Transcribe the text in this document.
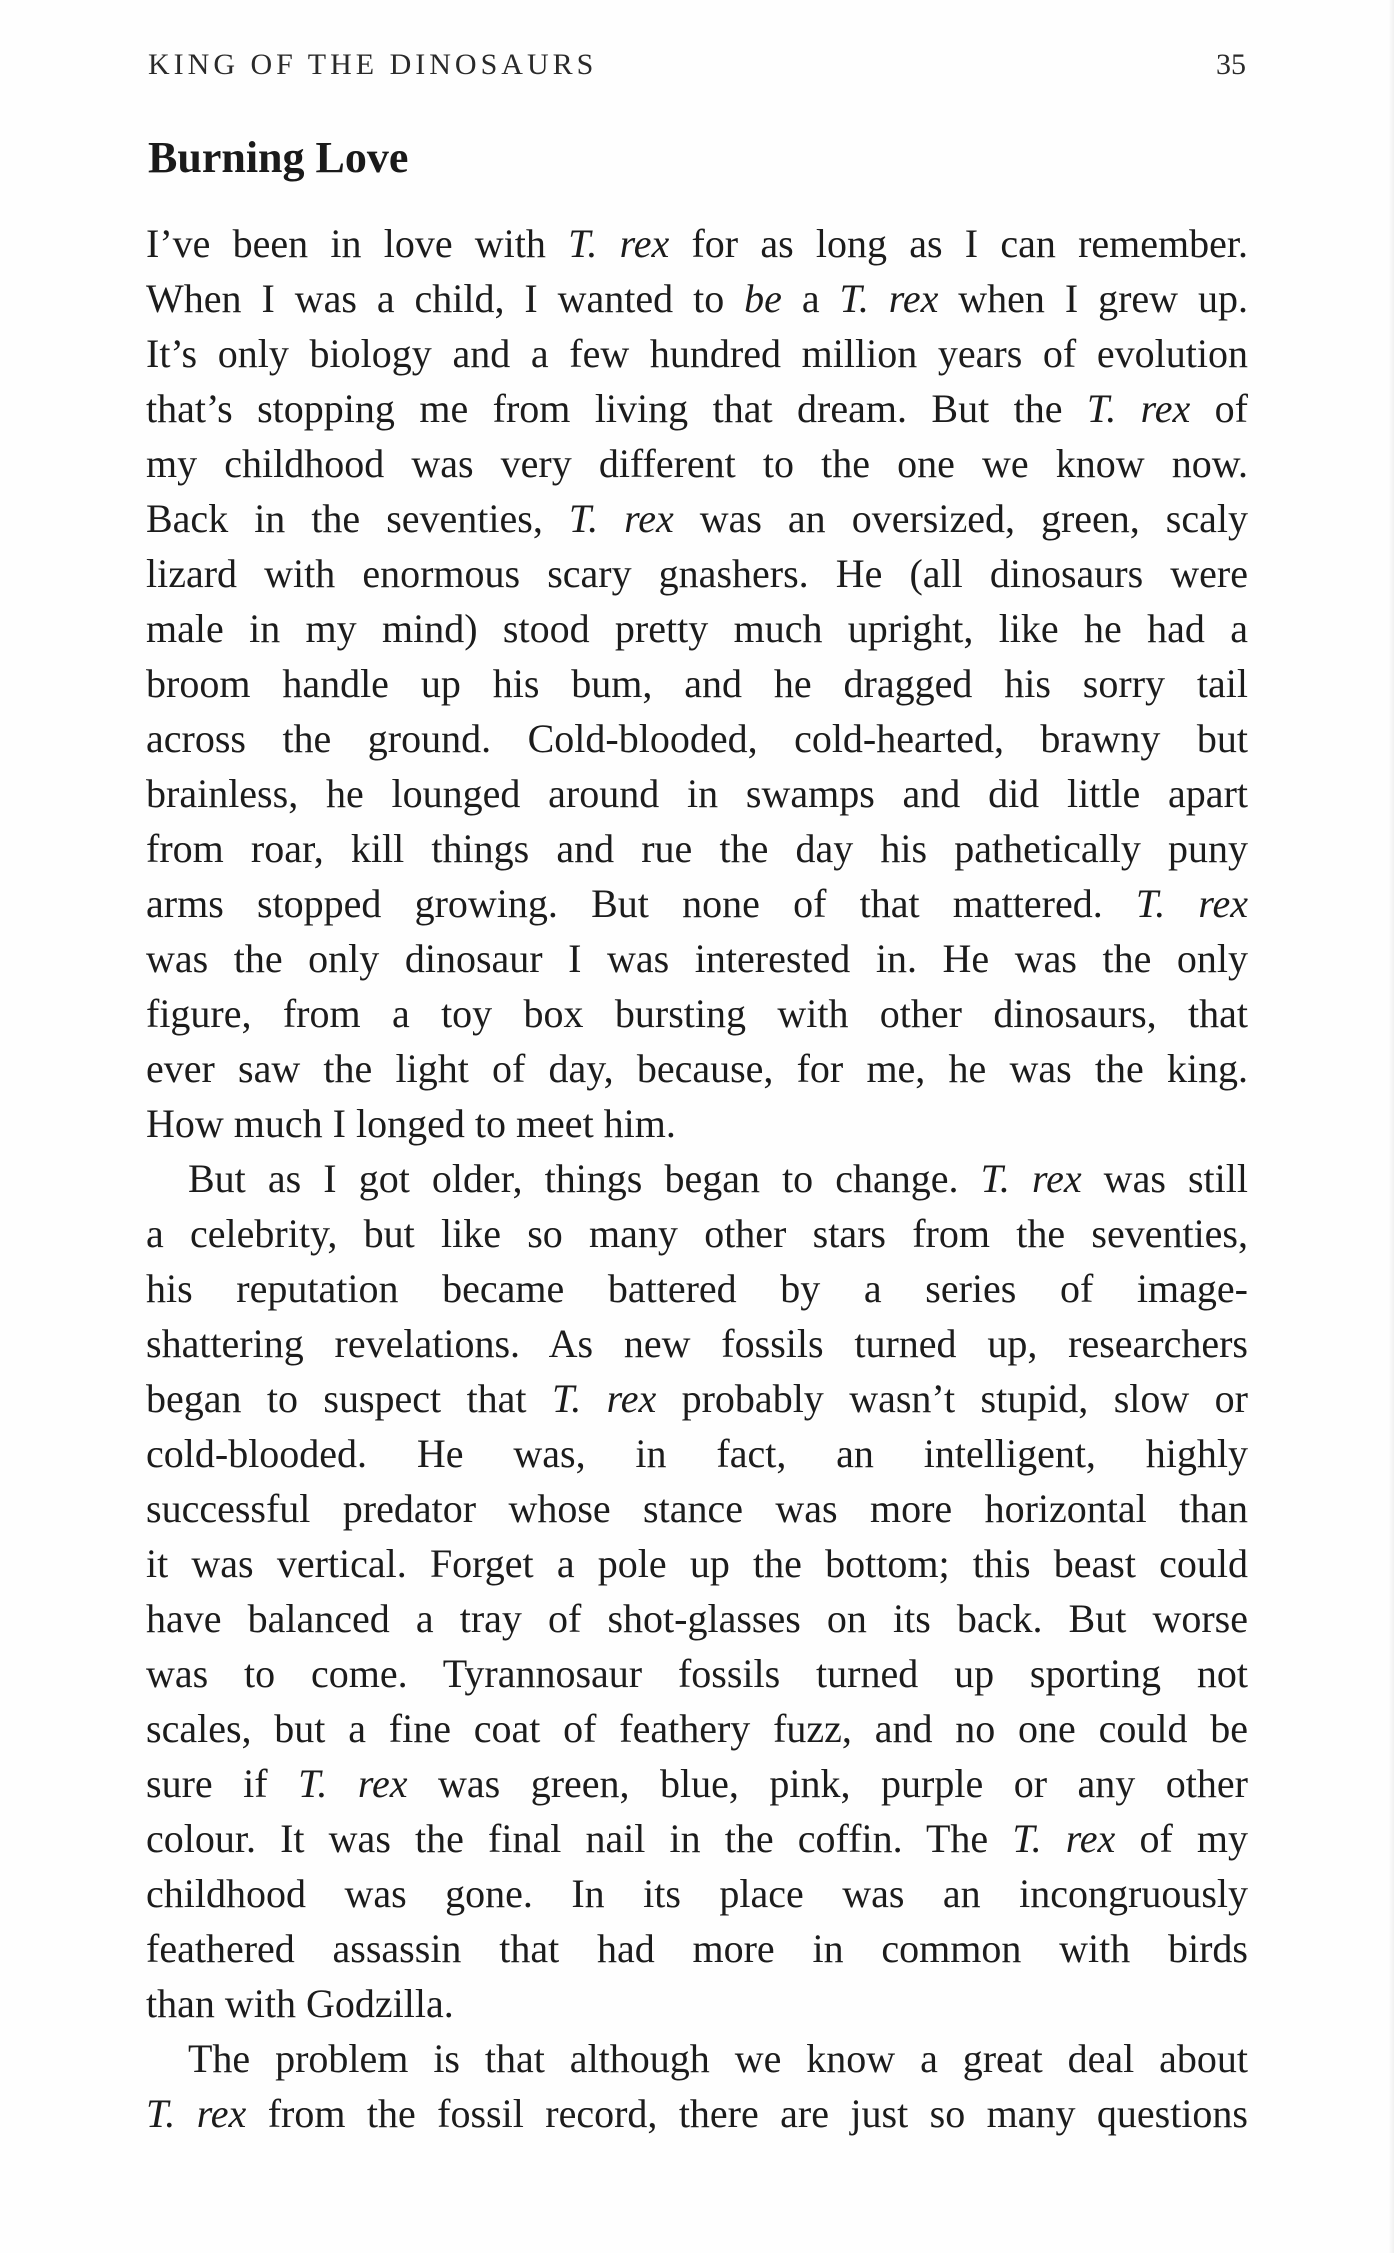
KING OF THE DINOSAURS	35
Burning Love
I’ve been in love with T. rex for as long as I can remember.
When I was a child, I wanted to be a T. rex when I grew up.
It’s only biology and a few hundred million years of evolution
that’s stopping me from living that dream. But the T. rex of
my childhood was very different to the one we know now.
Back in the seventies, T. rex was an oversized, green, scaly
lizard with enormous scary gnashers. He (all dinosaurs were
male in my mind) stood pretty much upright, like he had a
broom handle up his bum, and he dragged his sorry tail
across the ground. Cold-blooded, cold-hearted, brawny but
brainless, he lounged around in swamps and did little apart
from roar, kill things and rue the day his pathetically puny
arms stopped growing. But none of that mattered. T. rex
was the only dinosaur I was interested in. He was the only
figure, from a toy box bursting with other dinosaurs, that
ever saw the light of day, because, for me, he was the king.
How much I longed to meet him.
But as I got older, things began to change. T. rex was still
a celebrity, but like so many other stars from the seventies,
his reputation became battered by a series of image-
shattering revelations. As new fossils turned up, researchers
began to suspect that T. rex probably wasn’t stupid, slow or
cold-blooded. He was, in fact, an intelligent, highly
successful predator whose stance was more horizontal than
it was vertical. Forget a pole up the bottom; this beast could
have balanced a tray of shot-glasses on its back. But worse
was to come. Tyrannosaur fossils turned up sporting not
scales, but a fine coat of feathery fuzz, and no one could be
sure if T. rex was green, blue, pink, purple or any other
colour. It was the final nail in the coffin. The T. rex of my
childhood was gone. In its place was an incongruously
feathered assassin that had more in common with birds
than with Godzilla.
The problem is that although we know a great deal about
T. rex from the fossil record, there are just so many questions
